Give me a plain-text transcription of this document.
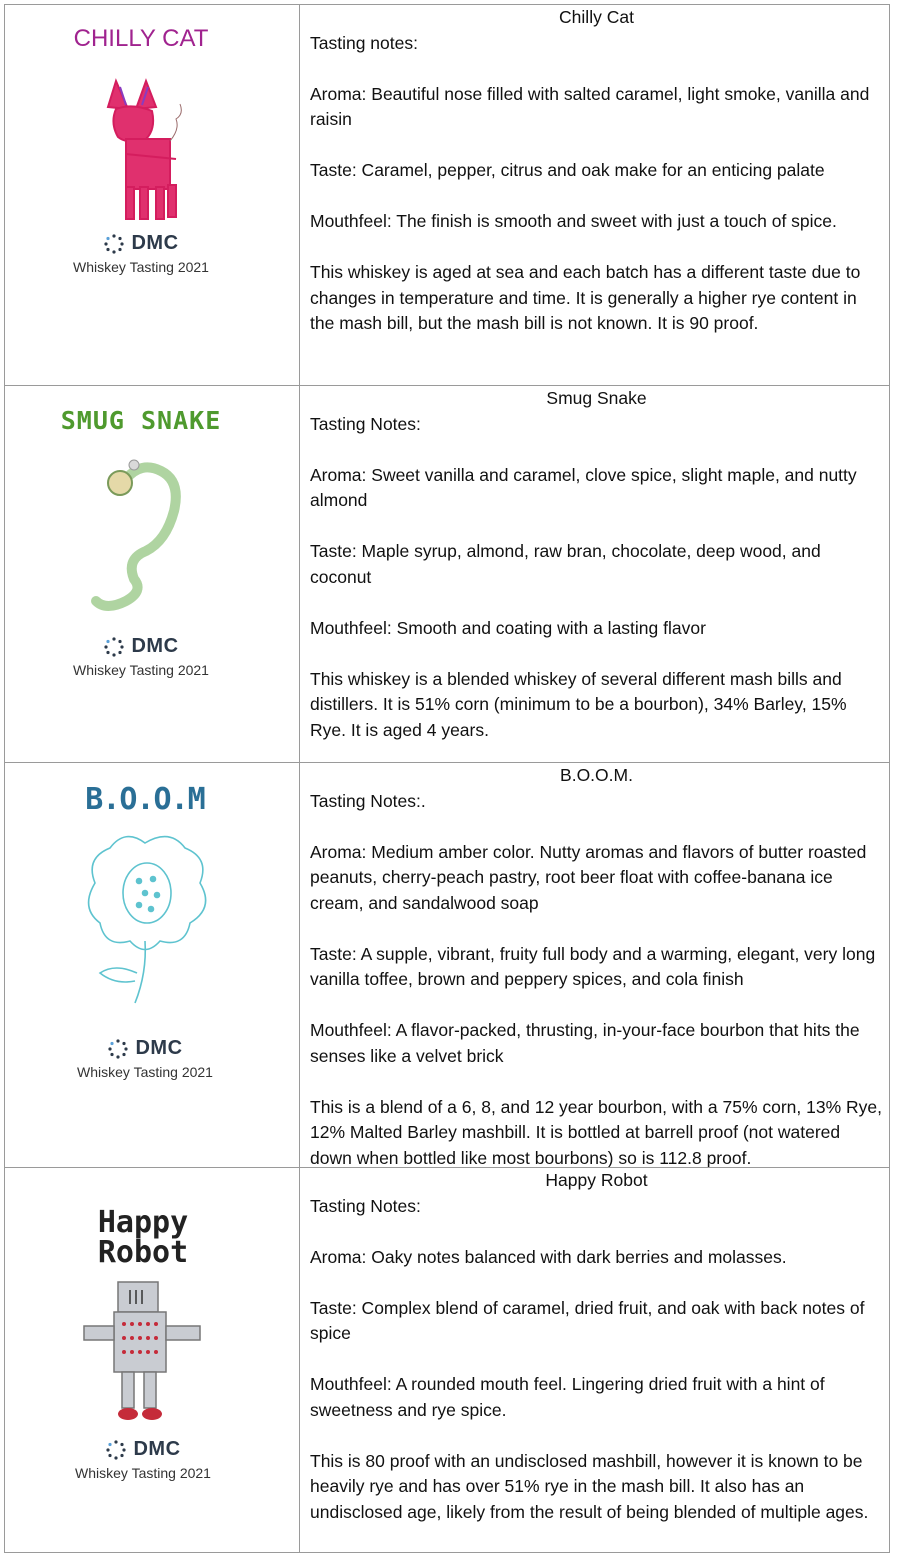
CHILLY CAT
DMC
Whiskey Tasting 2021

Chilly Cat

Tasting notes:

Aroma: Beautiful nose filled with salted caramel, light smoke, vanilla and raisin

Taste: Caramel, pepper, citrus and oak make for an enticing palate

Mouthfeel: The finish is smooth and sweet with just a touch of spice.

This whiskey is aged at sea and each batch has a different taste due to changes in temperature and time. It is generally a higher rye content in the mash bill, but the mash bill is not known. It is 90 proof.

SMUG SNAKE
DMC
Whiskey Tasting 2021

Smug Snake

Tasting Notes:

Aroma: Sweet vanilla and caramel, clove spice, slight maple, and nutty almond

Taste: Maple syrup, almond, raw bran, chocolate, deep wood, and coconut

Mouthfeel: Smooth and coating with a lasting flavor

This whiskey is a blended whiskey of several different mash bills and distillers. It is 51% corn (minimum to be a bourbon), 34% Barley, 15% Rye. It is aged 4 years.

B.O.O.M
DMC
Whiskey Tasting 2021

B.O.O.M.

Tasting Notes:.

Aroma: Medium amber color. Nutty aromas and flavors of butter roasted peanuts, cherry-peach pastry, root beer float with coffee-banana ice cream, and sandalwood soap

Taste: A supple, vibrant, fruity full body and a warming, elegant, very long vanilla toffee, brown and peppery spices, and cola finish

Mouthfeel: A flavor-packed, thrusting, in-your-face bourbon that hits the senses like a velvet brick

This is a blend of a 6, 8, and 12 year bourbon, with a 75% corn, 13% Rye, 12% Malted Barley mashbill. It is bottled at barrell proof (not watered down when bottled like most bourbons) so is 112.8 proof.

Happy Robot
DMC
Whiskey Tasting 2021

Happy Robot

Tasting Notes:

Aroma: Oaky notes balanced with dark berries and molasses.

Taste: Complex blend of caramel, dried fruit, and oak with back notes of spice

Mouthfeel: A rounded mouth feel. Lingering dried fruit with a hint of sweetness and rye spice.

This is 80 proof with an undisclosed mashbill, however it is known to be heavily rye and has over 51% rye in the mash bill. It also has an undisclosed age, likely from the result of being blended of multiple ages.
